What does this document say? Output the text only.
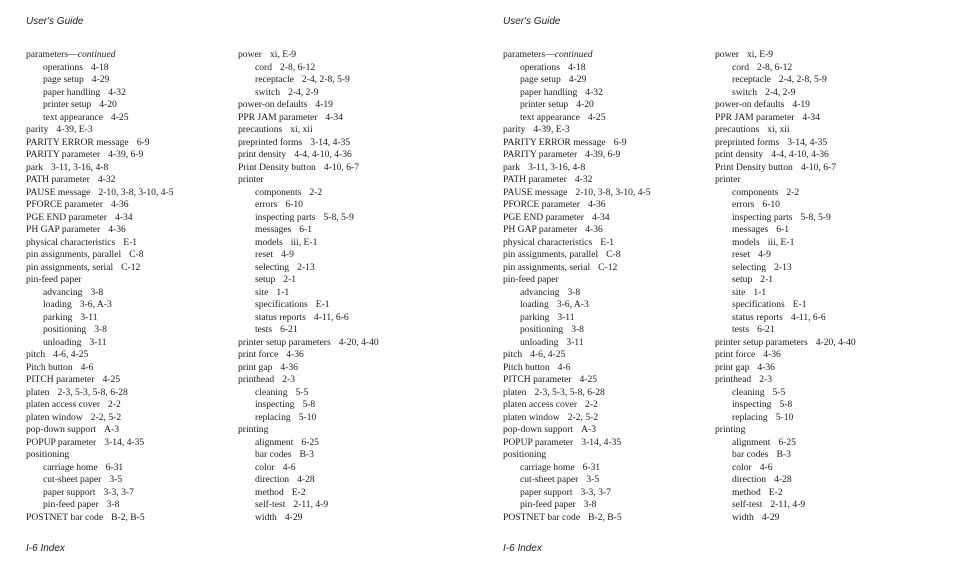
User's Guide
parameters—continued
operations 4-18
page setup 4-29
paper handling 4-32
printer setup 4-20
text appearance 4-25
parity 4-39, E-3
PARITY ERROR message 6-9
PARITY parameter 4-39, 6-9
park 3-11, 3-16, 4-8
PATH parameter 4-32
PAUSE message 2-10, 3-8, 3-10, 4-5
PFORCE parameter 4-36
PGE END parameter 4-34
PH GAP parameter 4-36
physical characteristics E-1
pin assignments, parallel C-8
pin assignments, serial C-12
pin-feed paper
advancing 3-8
loading 3-6, A-3
parking 3-11
positioning 3-8
unloading 3-11
pitch 4-6, 4-25
Pitch button 4-6
PITCH parameter 4-25
platen 2-3, 5-3, 5-8, 6-28
platen access cover 2-2
platen window 2-2, 5-2
pop-down support A-3
POPUP parameter 3-14, 4-35
positioning
carriage home 6-31
cut-sheet paper 3-5
paper support 3-3, 3-7
pin-feed paper 3-8
POSTNET bar code B-2, B-5
power xi, E-9
cord 2-8, 6-12
receptacle 2-4, 2-8, 5-9
switch 2-4, 2-9
power-on defaults 4-19
PPR JAM parameter 4-34
precautions xi, xii
preprinted forms 3-14, 4-35
print density 4-4, 4-10, 4-36
Print Density button 4-10, 6-7
printer
components 2-2
errors 6-10
inspecting parts 5-8, 5-9
messages 6-1
models iii, E-1
reset 4-9
selecting 2-13
setup 2-1
site 1-1
specifications E-1
status reports 4-11, 6-6
tests 6-21
printer setup parameters 4-20, 4-40
print force 4-36
print gap 4-36
printhead 2-3
cleaning 5-5
inspecting 5-8
replacing 5-10
printing
alignment 6-25
bar codes B-3
color 4-6
direction 4-28
method E-2
self-test 2-11, 4-9
width 4-29
I-6 Index
User's Guide
parameters—continued
operations 4-18
page setup 4-29
paper handling 4-32
printer setup 4-20
text appearance 4-25
parity 4-39, E-3
PARITY ERROR message 6-9
PARITY parameter 4-39, 6-9
park 3-11, 3-16, 4-8
PATH parameter 4-32
PAUSE message 2-10, 3-8, 3-10, 4-5
PFORCE parameter 4-36
PGE END parameter 4-34
PH GAP parameter 4-36
physical characteristics E-1
pin assignments, parallel C-8
pin assignments, serial C-12
pin-feed paper
advancing 3-8
loading 3-6, A-3
parking 3-11
positioning 3-8
unloading 3-11
pitch 4-6, 4-25
Pitch button 4-6
PITCH parameter 4-25
platen 2-3, 5-3, 5-8, 6-28
platen access cover 2-2
platen window 2-2, 5-2
pop-down support A-3
POPUP parameter 3-14, 4-35
positioning
carriage home 6-31
cut-sheet paper 3-5
paper support 3-3, 3-7
pin-feed paper 3-8
POSTNET bar code B-2, B-5
power xi, E-9
cord 2-8, 6-12
receptacle 2-4, 2-8, 5-9
switch 2-4, 2-9
power-on defaults 4-19
PPR JAM parameter 4-34
precautions xi, xii
preprinted forms 3-14, 4-35
print density 4-4, 4-10, 4-36
Print Density button 4-10, 6-7
printer
components 2-2
errors 6-10
inspecting parts 5-8, 5-9
messages 6-1
models iii, E-1
reset 4-9
selecting 2-13
setup 2-1
site 1-1
specifications E-1
status reports 4-11, 6-6
tests 6-21
printer setup parameters 4-20, 4-40
print force 4-36
print gap 4-36
printhead 2-3
cleaning 5-5
inspecting 5-8
replacing 5-10
printing
alignment 6-25
bar codes B-3
color 4-6
direction 4-28
method E-2
self-test 2-11, 4-9
width 4-29
I-6 Index
